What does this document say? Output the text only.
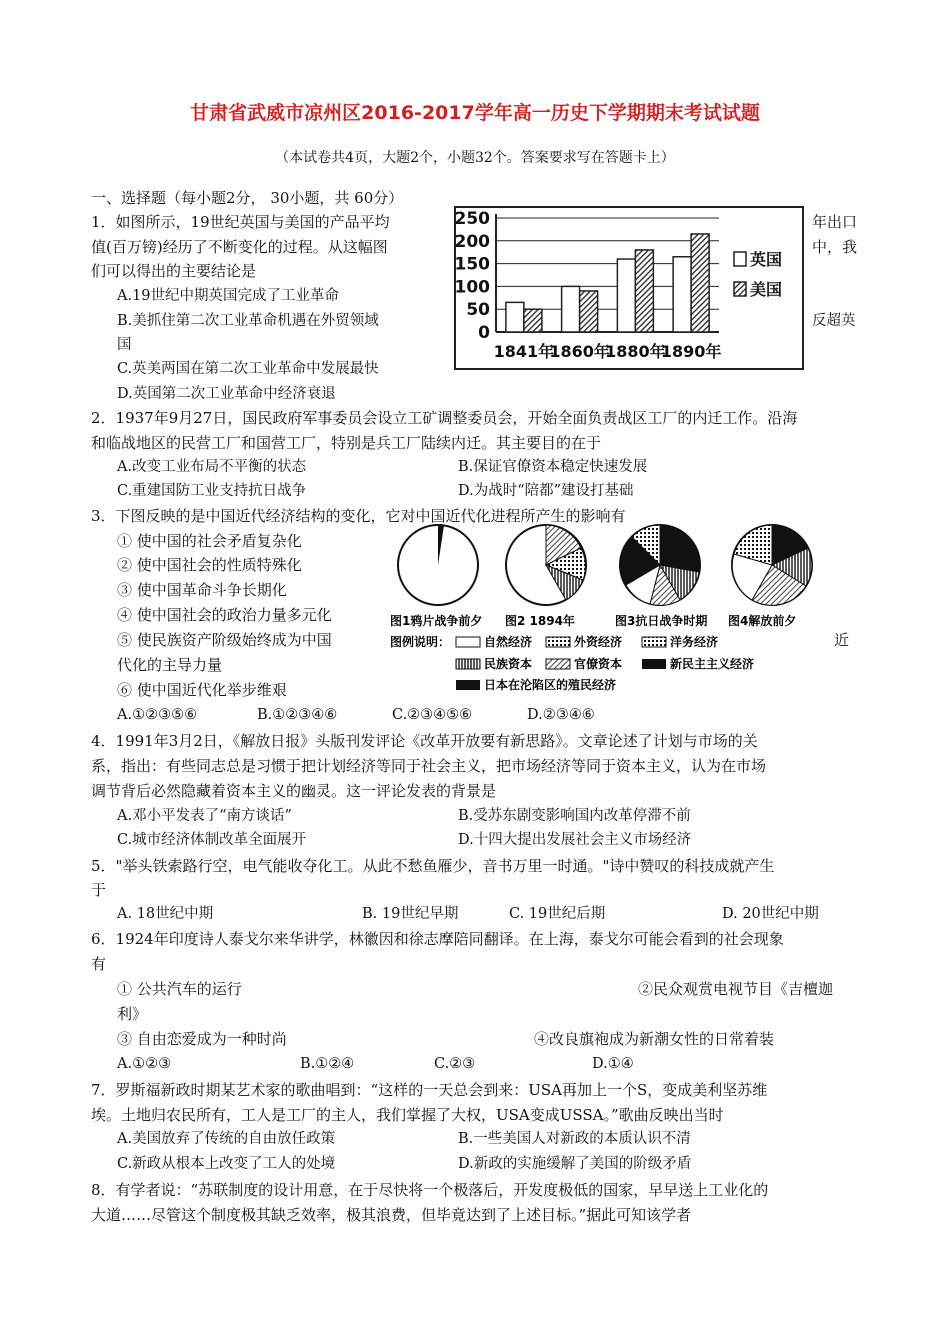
甘肃省武威市凉州区2016-2017学年高一历史下学期期末考试试题
（本试卷共4页，大题2个，小题32个。答案要求写在答题卡上）
一、选择题（每小题2分， 30小题，共 60分）
1．如图所示，19世纪英国与美国的产品平均	年出口
值(百万镑)经历了不断变化的过程。从这幅图	中，我
们可以得出的主要结论是
A.19世纪中期英国完成了工业革命
B.美抓住第二次工业革命机遇在外贸领域	反超英
国
C.英美两国在第二次工业革命中发展最快
D.英国第二次工业革命中经济衰退
250
200
150
100
50
0
1841年
1860年
1880年
1890年
英国
美国
2．1937年9月27日，国民政府军事委员会设立工矿调整委员会，开始全面负责战区工厂的内迁工作。沿海
和临战地区的民营工厂和国营工厂，特别是兵工厂陆续内迁。其主要目的在于
A.改变工业布局不平衡的状态	B.保证官僚资本稳定快速发展
C.重建国防工业支持抗日战争	D.为战时“陪都”建设打基础
3．下图反映的是中国近代经济结构的变化，它对中国近代化进程所产生的影响有
① 使中国的社会矛盾复杂化
② 使中国社会的性质特殊化
③ 使中国革命斗争长期化
④ 使中国社会的政治力量多元化
⑤ 使民族资产阶级始终成为中国	近
代化的主导力量
⑥ 使中国近代化举步维艰
A.①②③⑤⑥	B.①②③④⑥	C.②③④⑤⑥	D.②③④⑥
图1鸦片战争前夕 图2 1894年	图3抗日战争时期 图4解放前夕
图例说明：	自然经济	外资经济	洋务经济
民族资本	官僚资本	新民主主义经济
日本在沦陷区的殖民经济
4．1991年3月2日，《解放日报》头版刊发评论《改革开放要有新思路》。文章论述了计划与市场的关
系，指出：有些同志总是习惯于把计划经济等同于社会主义，把市场经济等同于资本主义，认为在市场
调节背后必然隐藏着资本主义的幽灵。这一评论发表的背景是
A.邓小平发表了“南方谈话”	B.受苏东剧变影响国内改革停滞不前
C.城市经济体制改革全面展开	D.十四大提出发展社会主义市场经济
5．"举头铁索路行空，电气能收夺化工。从此不愁鱼雁少，音书万里一时通。"诗中赞叹的科技成就产生
于
A. 18世纪中期	B. 19世纪早期	C. 19世纪后期	D. 20世纪中期
6．1924年印度诗人泰戈尔来华讲学，林徽因和徐志摩陪同翻译。在上海，泰戈尔可能会看到的社会现象
有
① 公共汽车的运行	②民众观赏电视节目《吉檀迦
利》
③ 自由恋爱成为一种时尚	④改良旗袍成为新潮女性的日常着装
A.①②③	B.①②④	C.②③	D.①④
7．罗斯福新政时期某艺术家的歌曲唱到：“这样的一天总会到来：USA再加上一个S，变成美利坚苏维
埃。土地归农民所有，工人是工厂的主人，我们掌握了大权，USA变成USSA。”歌曲反映出当时
A.美国放弃了传统的自由放任政策	B.一些美国人对新政的本质认识不清
C.新政从根本上改变了工人的处境	D.新政的实施缓解了美国的阶级矛盾
8．有学者说：“苏联制度的设计用意，在于尽快将一个极落后，开发度极低的国家，早早送上工业化的
大道……尽管这个制度极其缺乏效率，极其浪费，但毕竟达到了上述目标。”据此可知该学者
